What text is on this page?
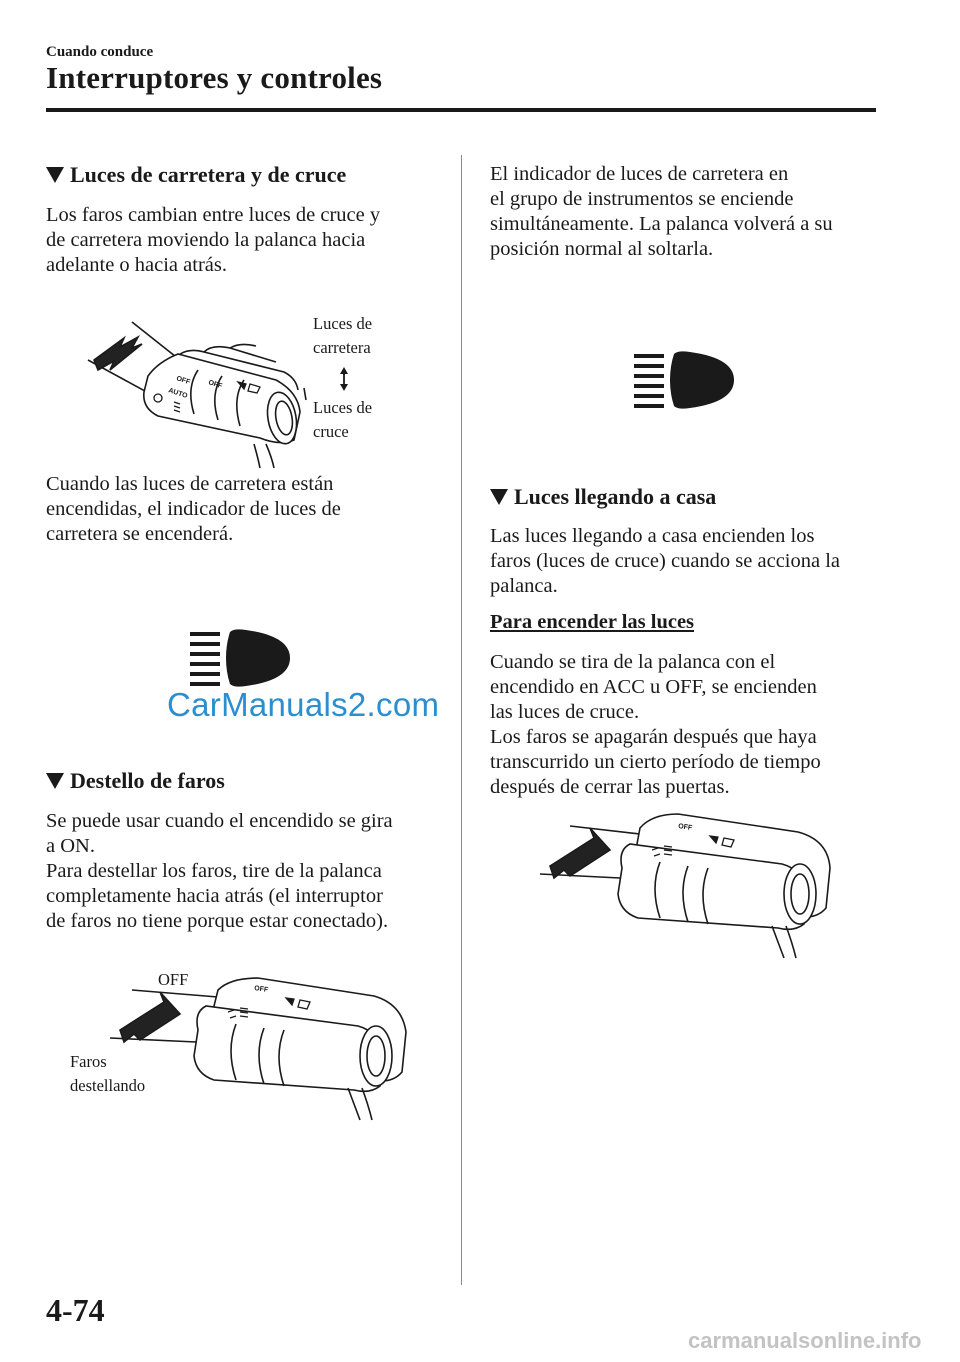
Cuando conduce
Interruptores y controles
Luces de carretera y de cruce

Los faros cambian entre luces de cruce y
de carretera moviendo la palanca hacia
adelante o hacia atrás.

OFF
AUTO
OFF
Luces de
carretera
Luces de
cruce

Cuando las luces de carretera están
encendidas, el indicador de luces de
carretera se encenderá.

CarManuals2.com
Destello de faros

Se puede usar cuando el encendido se gira
a ON.
Para destellar los faros, tire de la palanca
completamente hacia atrás (el interruptor
de faros no tiene porque estar conectado).

OFF
OFF
Faros
destellando

El indicador de luces de carretera en
el grupo de instrumentos se enciende
simultáneamente. La palanca volverá a su
posición normal al soltarla.

Luces llegando a casa

Las luces llegando a casa encienden los
faros (luces de cruce) cuando se acciona la
palanca.

Para encender las luces

Cuando se tira de la palanca con el
encendido en ACC u OFF, se encienden
las luces de cruce.
Los faros se apagarán después que haya
transcurrido un cierto período de tiempo
después de cerrar las puertas.

OFF
4-74
carmanualsonline.info
